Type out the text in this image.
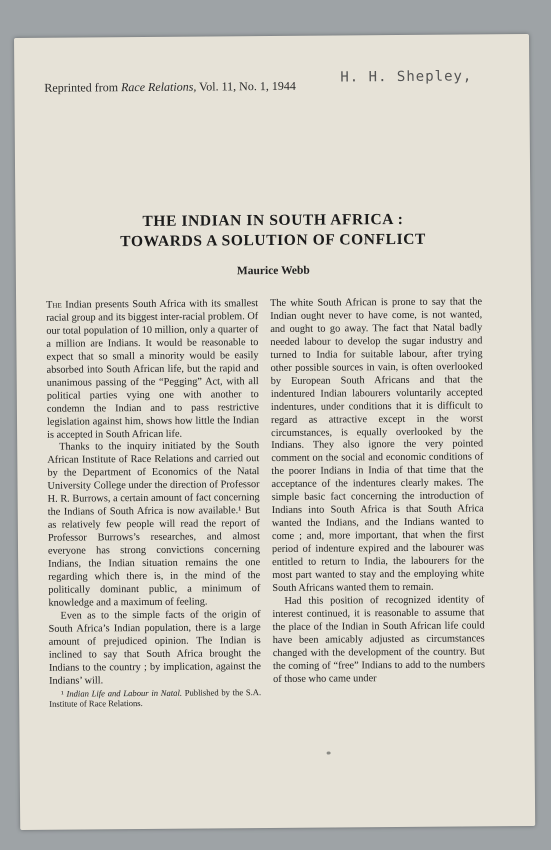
Reprinted from Race Relations, Vol. 11, No. 1, 1944
H. H. Shepley,
THE INDIAN IN SOUTH AFRICA :
TOWARDS A SOLUTION OF CONFLICT
Maurice Webb

The Indian presents South Africa with its smallest racial group and its biggest inter-racial problem. Of our total population of 10 million, only a quarter of a million are Indians. It would be reasonable to expect that so small a minority would be easily absorbed into South African life, but the rapid and unanimous passing of the “Pegging” Act, with all political parties vying one with another to condemn the Indian and to pass restrictive legislation against him, shows how little the Indian is accepted in South African life.

Thanks to the inquiry initiated by the South African Institute of Race Relations and carried out by the Department of Economics of the Natal University College under the direction of Professor H. R. Burrows, a certain amount of fact concerning the Indians of South Africa is now available.¹ But as relatively few people will read the report of Professor Burrows’s researches, and almost everyone has strong convictions concerning Indians, the Indian situation remains the one regarding which there is, in the mind of the politically dominant public, a minimum of knowledge and a maximum of feeling.

Even as to the simple facts of the origin of South Africa’s Indian population, there is a large amount of prejudiced opinion. The Indian is inclined to say that South Africa brought the Indians to the country ; by implication, against the Indians’ will.

¹ Indian Life and Labour in Natal. Published by the S.A. Institute of Race Relations.

The white South African is prone to say that the Indian ought never to have come, is not wanted, and ought to go away. The fact that Natal badly needed labour to develop the sugar industry and turned to India for suitable labour, after trying other possible sources in vain, is often overlooked by European South Africans and that the indentured Indian labourers voluntarily accepted indentures, under conditions that it is difficult to regard as attractive except in the worst circumstances, is equally overlooked by the Indians. They also ignore the very pointed comment on the social and economic conditions of the poorer Indians in India of that time that the acceptance of the indentures clearly makes. The simple basic fact concerning the introduction of Indians into South Africa is that South Africa wanted the Indians, and the Indians wanted to come ; and, more important, that when the first period of indenture expired and the labourer was entitled to return to India, the labourers for the most part wanted to stay and the employing white South Africans wanted them to remain.

Had this position of recognized identity of interest continued, it is reasonable to assume that the place of the Indian in South African life could have been amicably adjusted as circumstances changed with the development of the country. But the coming of “free” Indians to add to the numbers of those who came under
